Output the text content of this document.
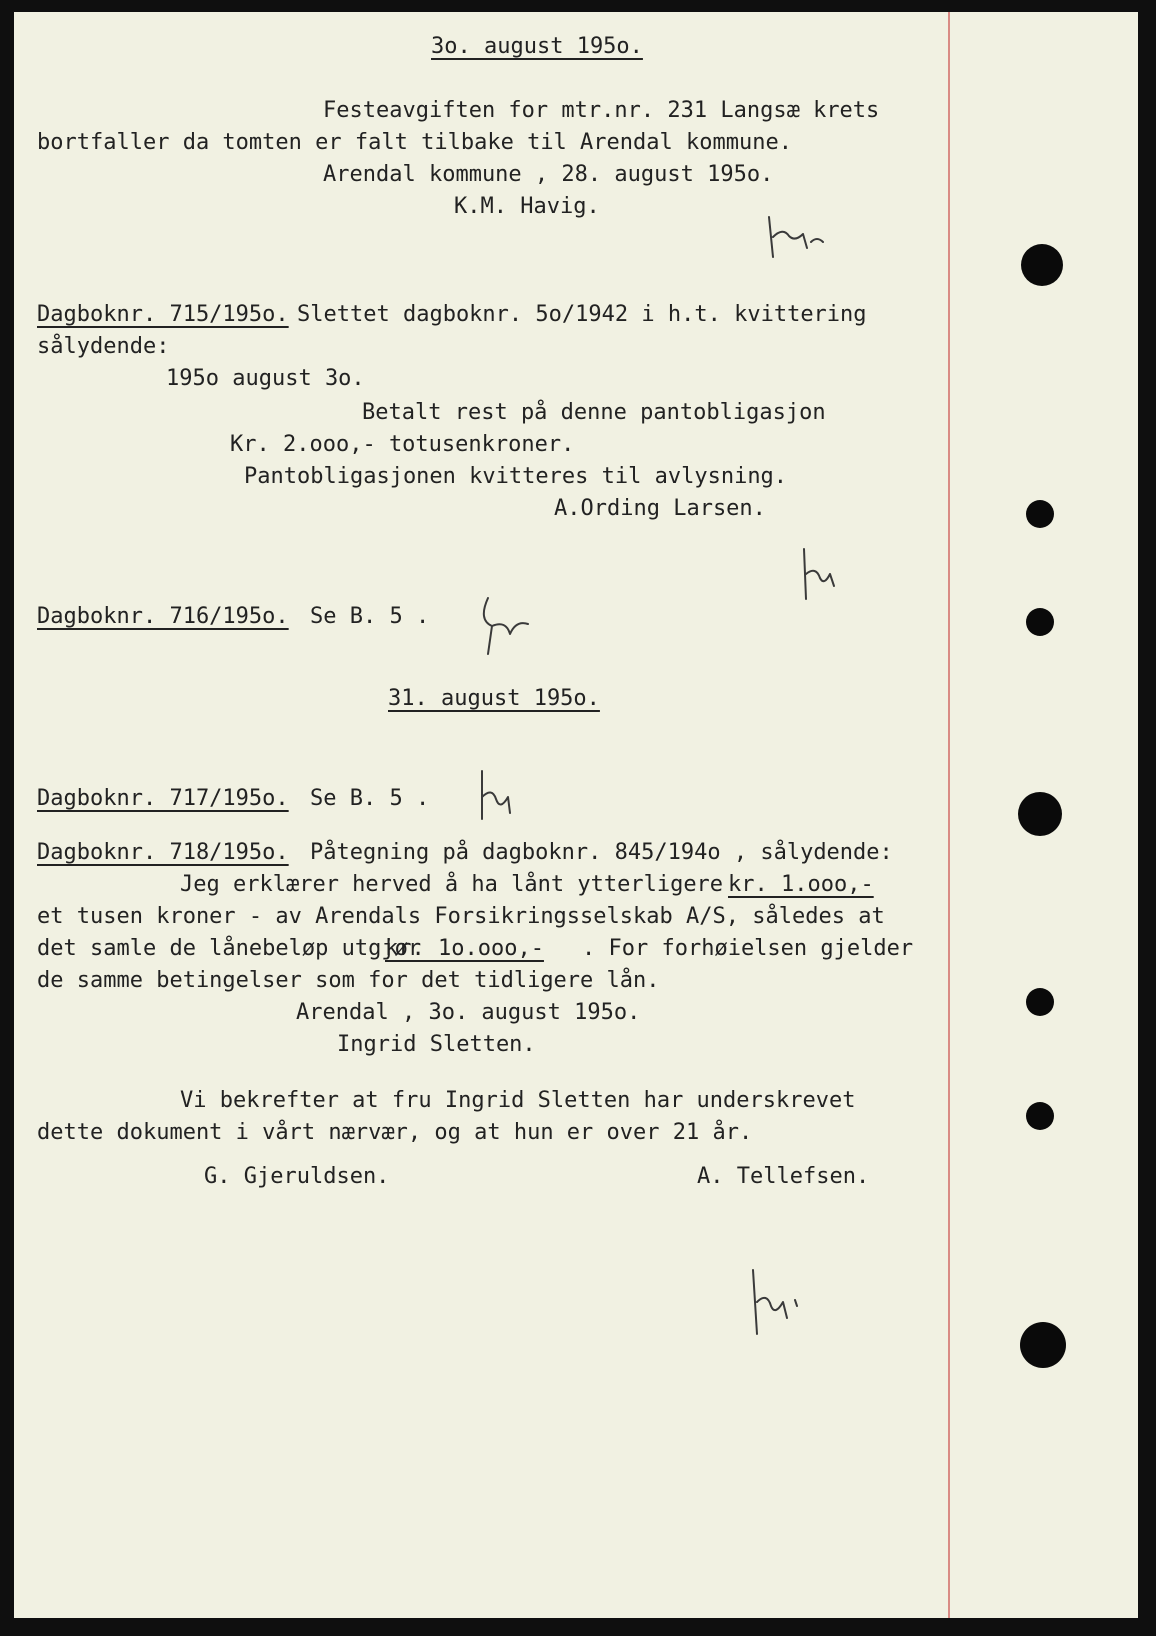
3o. august 195o.
Festeavgiften for mtr.nr. 231 Langsæ krets
bortfaller da tomten er falt tilbake til Arendal kommune.
Arendal kommune , 28. august 195o.
K.M. Havig.
Dagboknr. 715/195o. Slettet dagboknr. 5o/1942 i h.t. kvittering
sålydende:
195o august 3o.
Betalt rest på denne pantobligasjon
Kr. 2.ooo,- totusenkroner.
Pantobligasjonen kvitteres til avlysning.
A.Ording Larsen.
Dagboknr. 716/195o. Se B. 5 .
31. august 195o.
Dagboknr. 717/195o. Se B. 5 .
Dagboknr. 718/195o. Påtegning på dagboknr. 845/194o , sålydende:
Jeg erklærer herved å ha lånt ytterligere kr. 1.ooo,-
et tusen kroner - av Arendals Forsikringsselskab A/S, således at
det samle de lånebeløp utgjør
kr. 1o.ooo,- . For forhøielsen gjelder
de samme betingelser som for det tidligere lån.
Arendal , 3o. august 195o.
Ingrid Sletten.
Vi bekrefter at fru Ingrid Sletten har underskrevet
dette dokument i vårt nærvær, og at hun er over 21 år.
G. Gjeruldsen.	A. Tellefsen.
